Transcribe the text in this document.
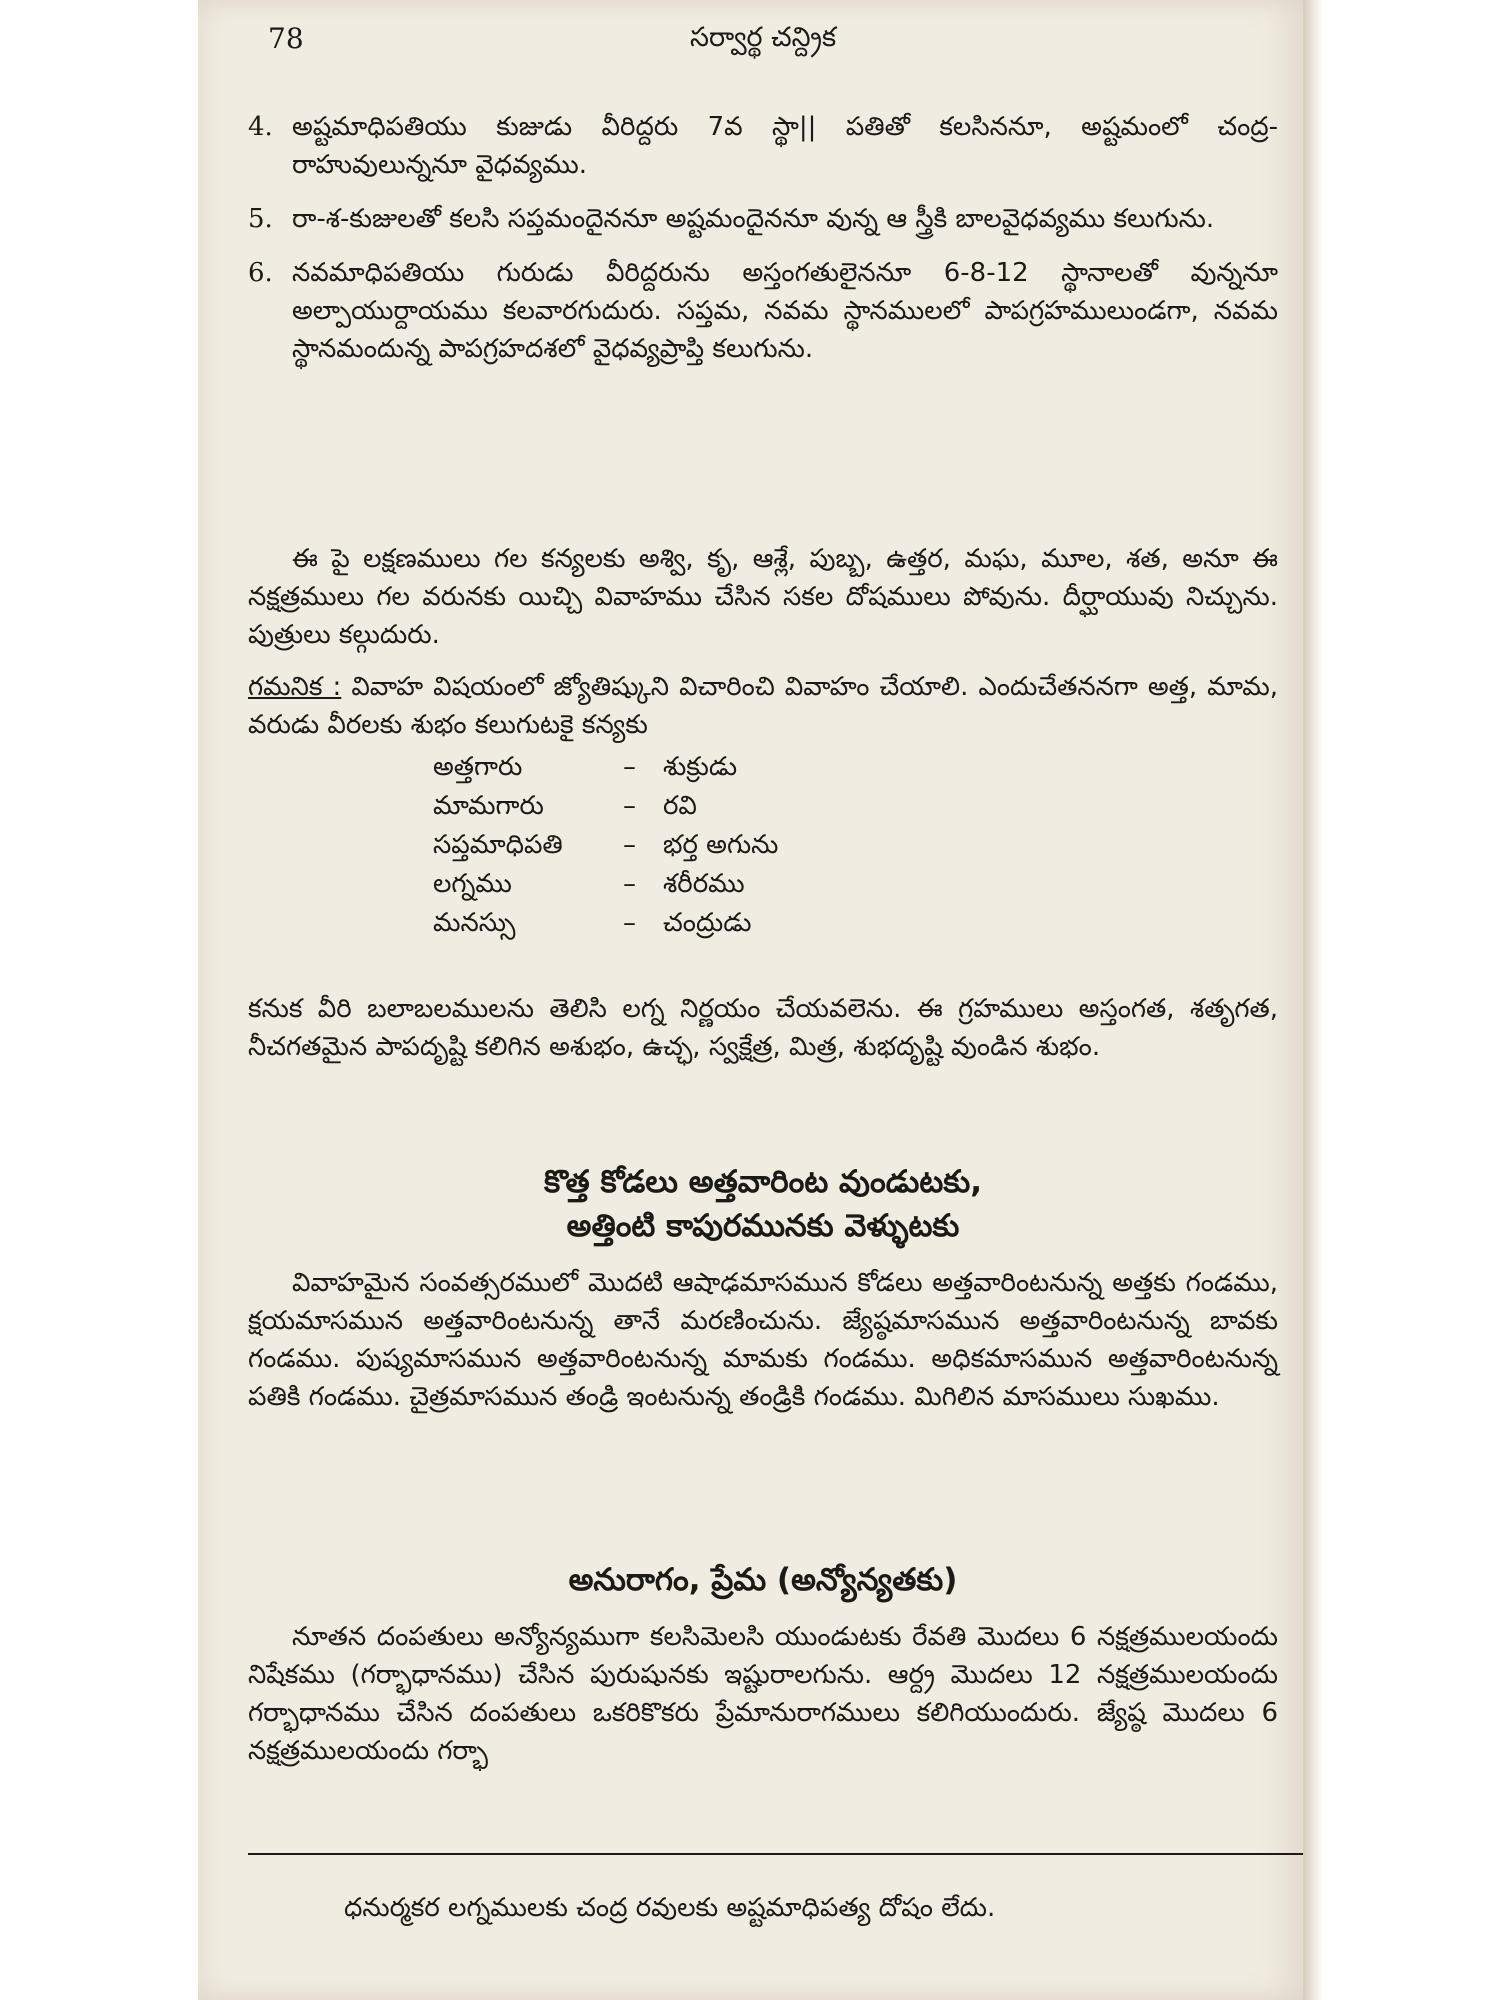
78	సర్వార్థ చన్ద్రిక
4. అష్టమాధిపతియు కుజుడు వీరిద్దరు 7వ స్థా|| పతితో కలసిననూ, అష్టమంలో చంద్ర-రాహువులున్ననూ వైధవ్యము.
5. రా-శ-కుజులతో కలసి సప్తమందైననూ అష్టమందైననూ వున్న ఆ స్త్రీకి బాలవైధవ్యము కలుగును.
6. నవమాధిపతియు గురుడు వీరిద్దరును అస్తంగతులైననూ 6-8-12 స్థానాలతో వున్ననూ అల్పాయుర్దాయము కలవారగుదురు. సప్తమ, నవమ స్థానములలో పాపగ్రహములుండగా, నవమ స్థానమందున్న పాపగ్రహదశలో వైధవ్యప్రాప్తి కలుగును.
ఈ పై లక్షణములు గల కన్యలకు అశ్వి, కృ, ఆశ్లే, పుబ్బ, ఉత్తర, మఘ, మూల, శత, అనూ ఈ నక్షత్రములు గల వరునకు యిచ్చి వివాహము చేసిన సకల దోషములు పోవును. దీర్ఘాయువు నిచ్చును. పుత్రులు కల్గుదురు.
గమనిక : వివాహ విషయంలో జ్యోతిష్కుని విచారించి వివాహం చేయాలి. ఎందుచేతననగా అత్త, మామ, వరుడు వీరలకు శుభం కలుగుటకై కన్యకు
అత్తగారు	–	శుక్రుడు
మామగారు	–	రవి
సప్తమాధిపతి	–	భర్త అగును
లగ్నము	–	శరీరము
మనస్సు	–	చంద్రుడు
కనుక వీరి బలాబలములను తెలిసి లగ్న నిర్ణయం చేయవలెను. ఈ గ్రహములు అస్తంగత, శతృగత, నీచగతమైన పాపదృష్టి కలిగిన అశుభం, ఉచ్ఛ, స్వక్షేత్ర, మిత్ర, శుభదృష్టి వుండిన శుభం.
కొత్త కోడలు అత్తవారింట వుండుటకు,
అత్తింటి కాపురమునకు వెళ్ళుటకు
వివాహమైన సంవత్సరములో మొదటి ఆషాఢమాసమున కోడలు అత్తవారింటనున్న అత్తకు గండము, క్షయమాసమున అత్తవారింటనున్న తానే మరణించును. జ్యేష్ఠమాసమున అత్తవారింటనున్న బావకు గండము. పుష్యమాసమున అత్తవారింటనున్న మామకు గండము. అధికమాసమున అత్తవారింటనున్న పతికి గండము. చైత్రమాసమున తండ్రి ఇంటనున్న తండ్రికి గండము. మిగిలిన మాసములు సుఖము.
అనురాగం, ప్రేమ (అన్యోన్యతకు)
నూతన దంపతులు అన్యోన్యముగా కలసిమెలసి యుండుటకు రేవతి మొదలు 6 నక్షత్రములయందు నిషేకము (గర్భాధానము) చేసిన పురుషునకు ఇష్టురాలగును. ఆర్ద్ర మొదలు 12 నక్షత్రములయందు గర్భాధానము చేసిన దంపతులు ఒకరికొకరు ప్రేమానురాగములు కలిగియుందురు. జ్యేష్ఠ మొదలు 6 నక్షత్రములయందు గర్భా
ధనుర్మకర లగ్నములకు చంద్ర రవులకు అష్టమాధిపత్య దోషం లేదు.
